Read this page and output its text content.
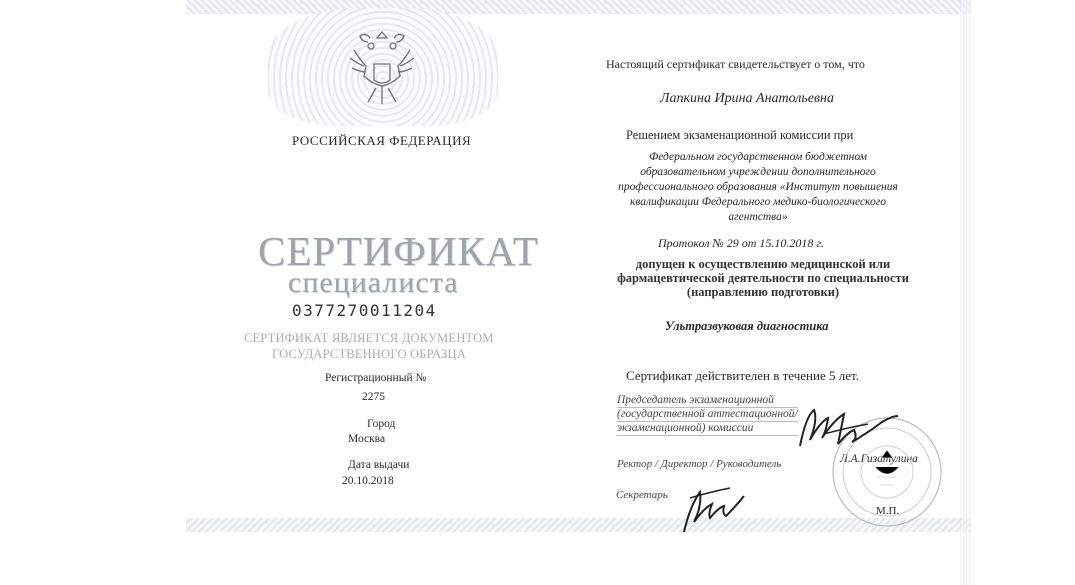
РОССИЙСКАЯ ФЕДЕРАЦИЯ
СЕРТИФИКАТ
специалиста
0377270011204
СЕРТИФИКАТ ЯВЛЯЕТСЯ ДОКУМЕНТОМ
ГОСУДАРСТВЕННОГО ОБРАЗЦА
Регистрационный №
2275
Город
Москва
Дата выдачи
20.10.2018
Настоящий сертификат свидетельствует о том, что
Лапкина Ирина Анатольевна
Решением экзаменационной комиссии при
Федеральном государственном бюджетном
образовательном учреждении дополнительного
профессионального образования «Институт повышения
квалификации Федерального медико-биологического
агентства»
Протокол № 29 от 15.10.2018 г.
допущен к осуществлению медицинской или
фармацевтической деятельности по специальности
(направлению подготовки)
Ультразвуковая диагностика
Сертификат действителен в течение 5 лет.
Председатель экзаменационной
(государственной аттестационной/
экзаменационной) комиссии
Ректор / Директор / Руководитель	Л.А.Гизатулина
Секретарь
М.П.
